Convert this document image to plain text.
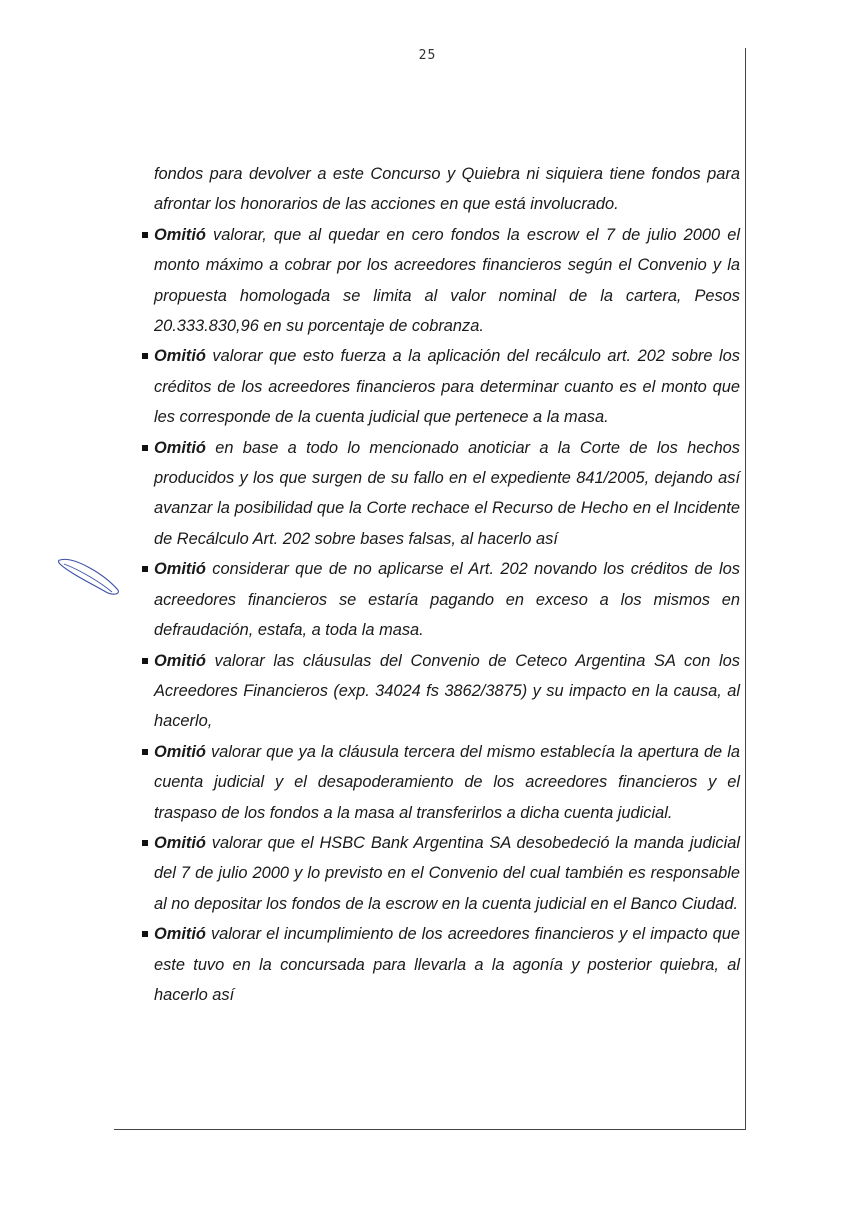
25

fondos para devolver a este Concurso y Quiebra ni siquiera tiene fondos para afrontar los honorarios de las acciones en que está involucrado.

Omitió valorar, que al quedar en cero fondos la escrow el 7 de julio 2000 el monto máximo a cobrar por los acreedores financieros según el Convenio y la propuesta homologada se limita al valor nominal de la cartera, Pesos 20.333.830,96 en su porcentaje de cobranza.

Omitió valorar que esto fuerza a la aplicación del recálculo art. 202 sobre los créditos de los acreedores financieros para determinar cuanto es el monto que les corresponde de la cuenta judicial que pertenece a la masa.

Omitió en base a todo lo mencionado anoticiar a la Corte de los hechos producidos y los que surgen de su fallo en el expediente 841/2005, dejando así avanzar la posibilidad que la Corte rechace el Recurso de Hecho en el Incidente de Recálculo Art. 202 sobre bases falsas, al hacerlo así

Omitió considerar que de no aplicarse el Art. 202 novando los créditos de los acreedores financieros se estaría pagando en exceso a los mismos en defraudación, estafa, a toda la masa.

Omitió valorar las cláusulas del Convenio de Ceteco Argentina SA con los Acreedores Financieros (exp. 34024 fs 3862/3875) y su impacto en la causa, al hacerlo,

Omitió valorar que ya la cláusula tercera del mismo establecía la apertura de la cuenta judicial y el desapoderamiento de los acreedores financieros y el traspaso de los fondos a la masa al transferirlos a dicha cuenta judicial.

Omitió valorar que el HSBC Bank Argentina SA desobedeció la manda judicial del 7 de julio 2000 y lo previsto en el Convenio del cual también es responsable al no depositar los fondos de la escrow en la cuenta judicial en el Banco Ciudad.

Omitió valorar el incumplimiento de los acreedores financieros y el impacto que este tuvo en la concursada para llevarla a la agonía y posterior quiebra, al hacerlo así
